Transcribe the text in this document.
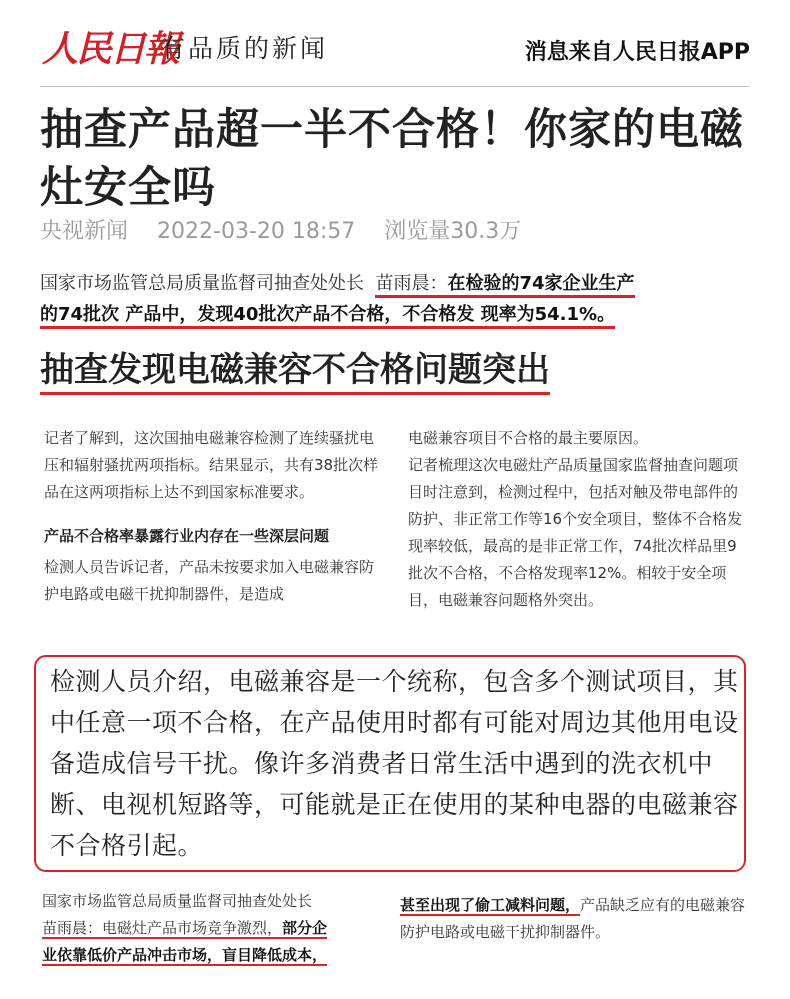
人民日報
有品质的新闻	消息来自人民日报APP
抽查产品超一半不合格！你家的电磁灶安全吗
央视新闻 2022-03-20 18:57 浏览量30.3万
国家市场监管总局质量监督司抽查处处长 苗雨晨：在检验的74家企业生产
的74批次 产品中，发现40批次产品不合格，不合格发 现率为54.1%。
抽查发现电磁兼容不合格问题突出
记者了解到，这次国抽电磁兼容检测了连续骚扰电压和辐射骚扰两项指标。结果显示，共有38批次样品在这两项指标上达不到国家标准要求。
产品不合格率暴露行业内存在一些深层问题
检测人员告诉记者，产品未按要求加入电磁兼容防护电路或电磁干扰抑制器件，是造成
电磁兼容项目不合格的最主要原因。
记者梳理这次电磁灶产品质量国家监督抽查问题项目时注意到，检测过程中，包括对触及带电部件的防护、非正常工作等16个安全项目，整体不合格发现率较低，最高的是非正常工作，74批次样品里9批次不合格，不合格发现率12%。相较于安全项目，电磁兼容问题格外突出。
检测人员介绍，电磁兼容是一个统称，包含多个测试项目，其中任意一项不合格，在产品使用时都有可能对周边其他用电设备造成信号干扰。像许多消费者日常生活中遇到的洗衣机中断、电视机短路等，可能就是正在使用的某种电器的电磁兼容不合格引起。
国家市场监管总局质量监督司抽查处处长
苗雨晨：电磁灶产品市场竞争激烈，部分企
业依靠低价产品冲击市场，盲目降低成本，
甚至出现了偷工减料问题，产品缺乏应有的电磁兼容防护电路或电磁干扰抑制器件。
